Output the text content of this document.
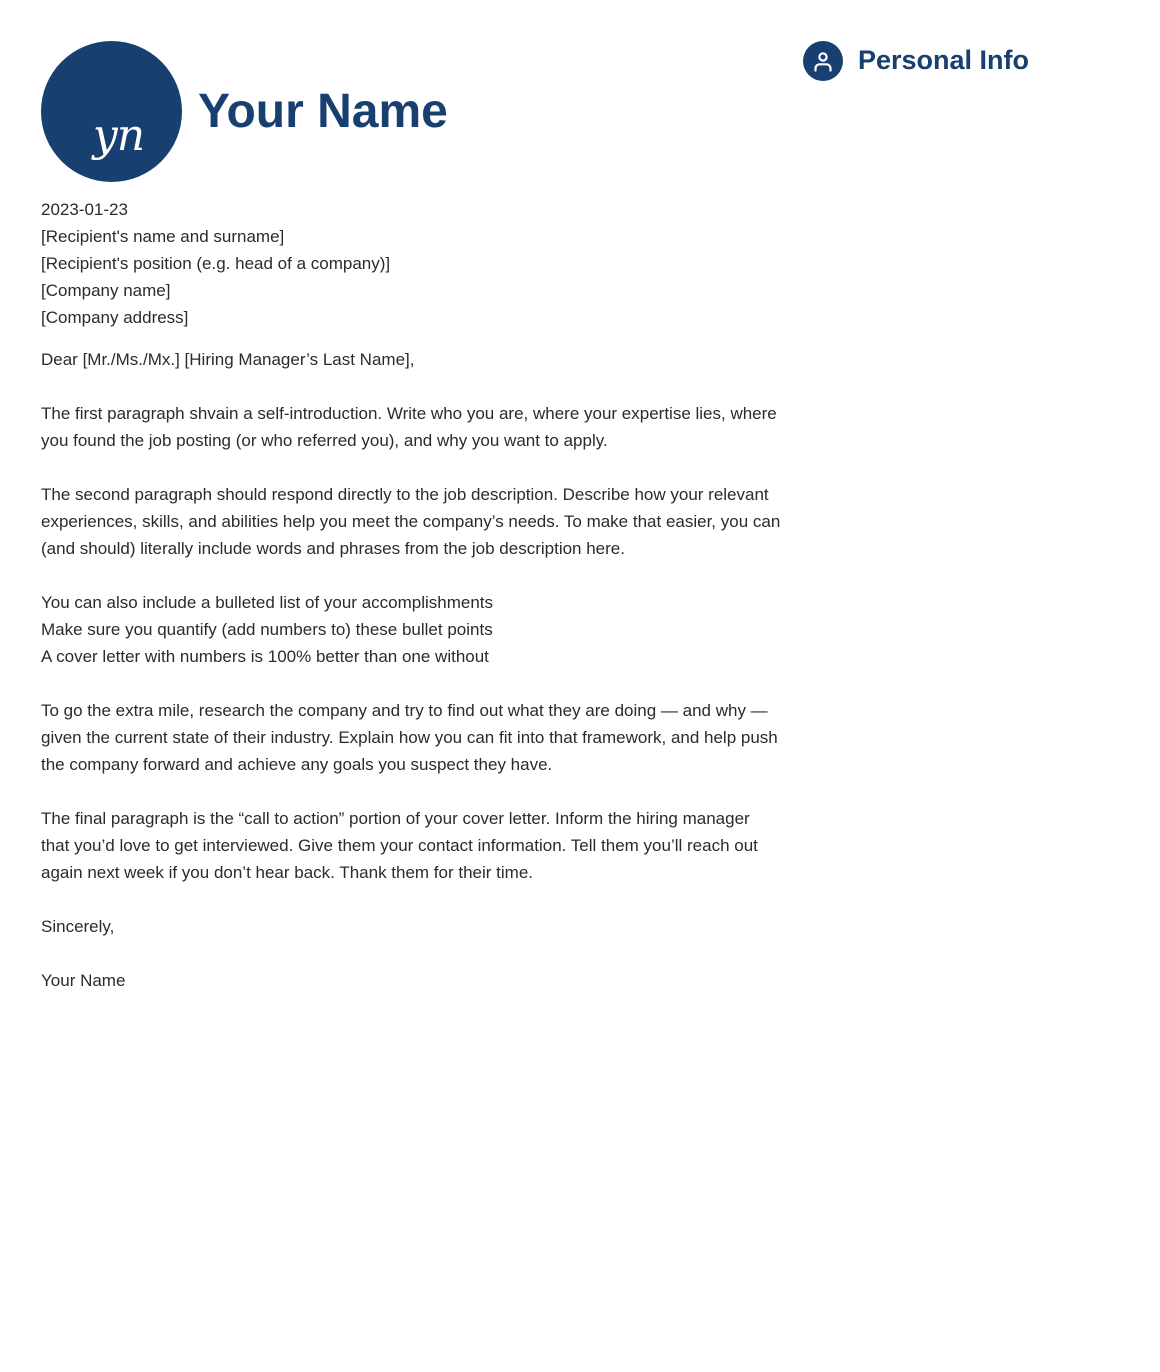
yn	Your Name
Personal Info

2023-01-23

[Recipient's name and surname]

[Recipient's position (e.g. head of a company)]

[Company name]

[Company address]

Dear [Mr./Ms./Mx.] [Hiring Manager’s Last Name],

The first paragraph shvain a self-introduction. Write who you are, where your expertise lies, where you found the job posting (or who referred you), and why you want to apply.

The second paragraph should respond directly to the job description. Describe how your relevant experiences, skills, and abilities help you meet the company’s needs. To make that easier, you can (and should) literally include words and phrases from the job description here.

You can also include a bulleted list of your accomplishments
Make sure you quantify (add numbers to) these bullet points
A cover letter with numbers is 100% better than one without

To go the extra mile, research the company and try to find out what they are doing — and why — given the current state of their industry. Explain how you can fit into that framework, and help push the company forward and achieve any goals you suspect they have.

The final paragraph is the “call to action” portion of your cover letter. Inform the hiring manager that you’d love to get interviewed. Give them your contact information. Tell them you’ll reach out again next week if you don’t hear back. Thank them for their time.

Sincerely,

Your Name
